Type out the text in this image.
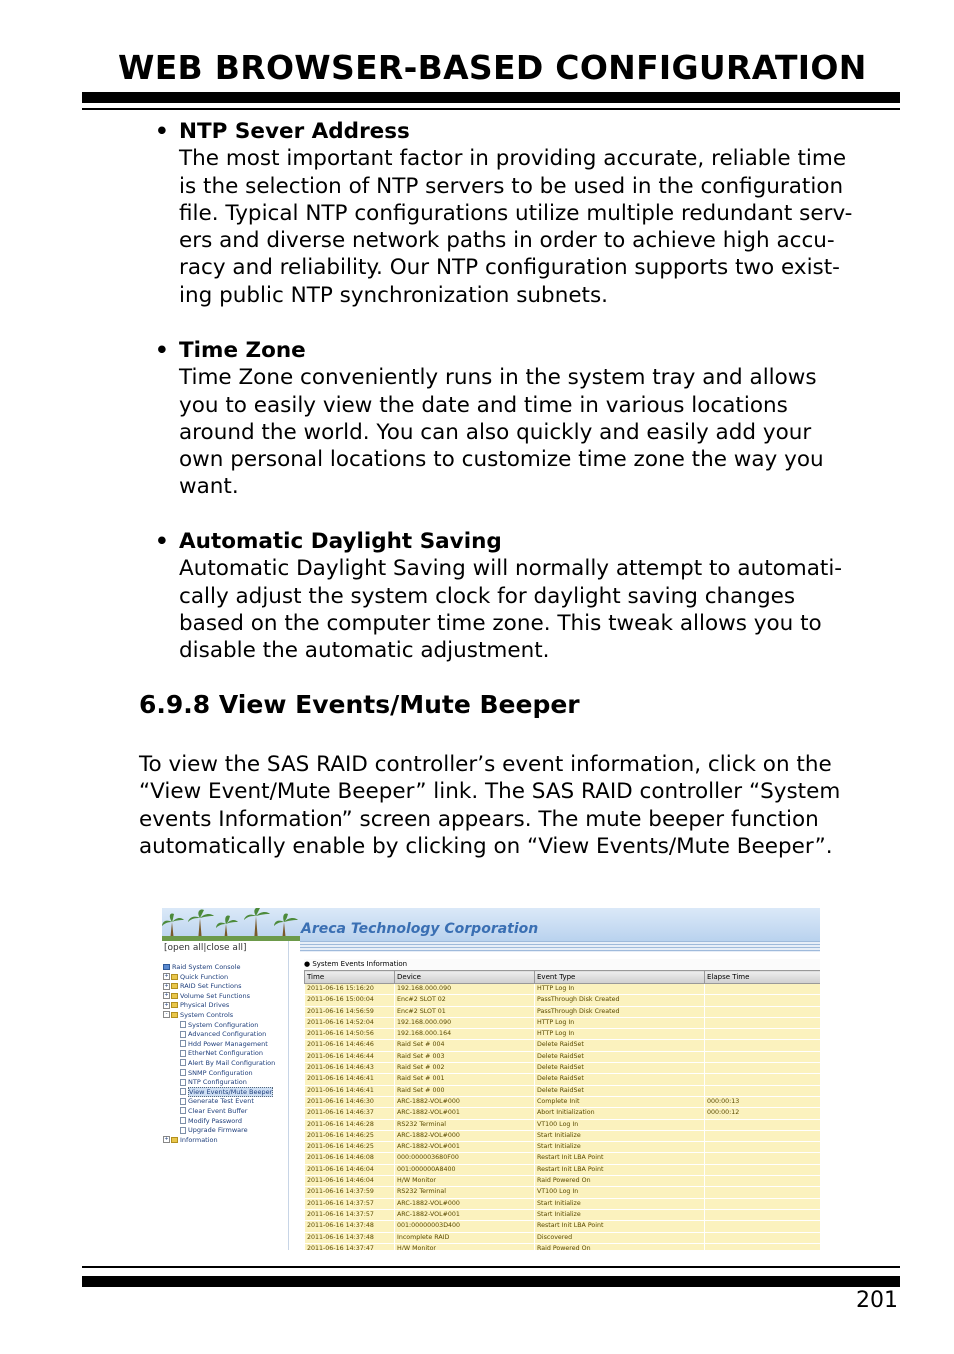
WEB BROWSER-BASED CONFIGURATION
• NTP Sever Address
The most important factor in providing accurate, reliable time
is the selection of NTP servers to be used in the configuration
file. Typical NTP configurations utilize multiple redundant serv-
ers and diverse network paths in order to achieve high accu-
racy and reliability. Our NTP configuration supports two exist-
ing public NTP synchronization subnets.
• Time Zone
Time Zone conveniently runs in the system tray and allows
you to easily view the date and time in various locations
around the world. You can also quickly and easily add your
own personal locations to customize time zone the way you
want.
• Automatic Daylight Saving
Automatic Daylight Saving will normally attempt to automati-
cally adjust the system clock for daylight saving changes
based on the computer time zone. This tweak allows you to
disable the automatic adjustment.
6.9.8 View Events/Mute Beeper
To view the SAS RAID controller’s event information, click on the
“View Event/Mute Beeper” link. The SAS RAID controller “System
events Information” screen appears. The mute beeper function
automatically enable by clicking on “View Events/Mute Beeper”.
Areca Technology Corporation
[open all|close all]
Raid System Console
+ Quick Function
+ RAID Set Functions
+ Volume Set Functions
+ Physical Drives
- System Controls
System Configuration
Advanced Configuration
Hdd Power Management
EtherNet Configuration
Alert By Mail Configuration
SNMP Configuration
NTP Configuration
View Events/Mute Beeper
Generate Test Event
Clear Event Buffer
Modify Password
Upgrade Firmware
+ Information
● System Events Information
Time	Device	Event Type	Elapse Time
2011-06-16 15:16:20	192.168.000.090	HTTP Log In	
2011-06-16 15:00:04	Enc#2 SLOT 02	PassThrough Disk Created	
2011-06-16 14:56:59	Enc#2 SLOT 01	PassThrough Disk Created	
2011-06-16 14:52:04	192.168.000.090	HTTP Log In	
2011-06-16 14:50:56	192.168.000.164	HTTP Log In	
2011-06-16 14:46:46	Raid Set # 004	Delete RaidSet	
2011-06-16 14:46:44	Raid Set # 003	Delete RaidSet	
2011-06-16 14:46:43	Raid Set # 002	Delete RaidSet	
2011-06-16 14:46:41	Raid Set # 001	Delete RaidSet	
2011-06-16 14:46:41	Raid Set # 000	Delete RaidSet	
2011-06-16 14:46:30	ARC-1882-VOL#000	Complete Init	000:00:13
2011-06-16 14:46:37	ARC-1882-VOL#001	Abort Initialization	000:00:12
2011-06-16 14:46:28	RS232 Terminal	VT100 Log In	
2011-06-16 14:46:25	ARC-1882-VOL#000	Start Initialize	
2011-06-16 14:46:25	ARC-1882-VOL#001	Start Initialize	
2011-06-16 14:46:08	000:000003680F00	Restart Init LBA Point	
2011-06-16 14:46:04	001:000000A8400	Restart Init LBA Point	
2011-06-16 14:46:04	H/W Monitor	Raid Powered On	
2011-06-16 14:37:59	RS232 Terminal	VT100 Log In	
2011-06-16 14:37:57	ARC-1882-VOL#000	Start Initialize	
2011-06-16 14:37:57	ARC-1882-VOL#001	Start Initialize	
2011-06-16 14:37:48	001:00000003D400	Restart Init LBA Point	
2011-06-16 14:37:48	Incomplete RAID	Discovered	
2011-06-16 14:37:47	H/W Monitor	Raid Powered On	
201
